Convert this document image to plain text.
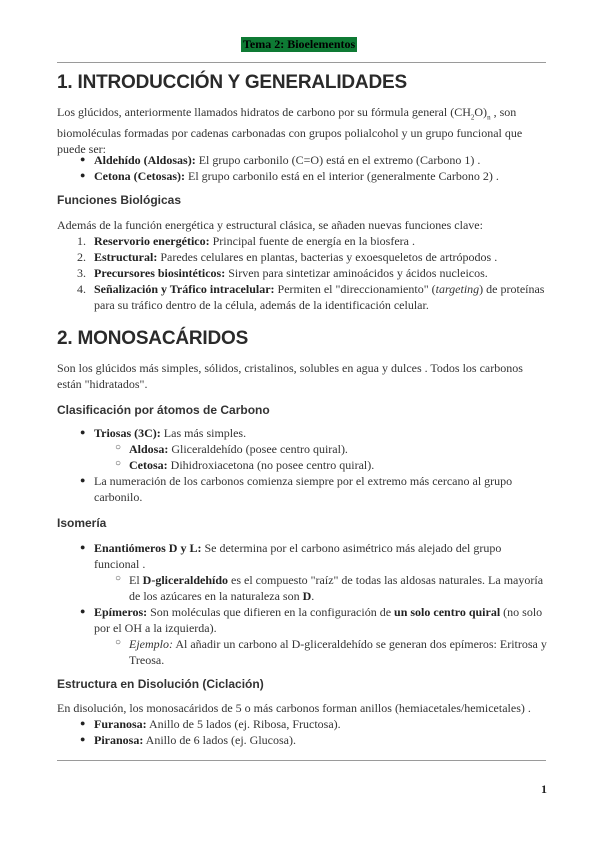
Tema 2: Bioelementos
1. INTRODUCCIÓN Y GENERALIDADES

Los glúcidos, anteriormente llamados hidratos de carbono por su fórmula general $(CH_2O)_n$ , son biomoléculas formadas por cadenas carbonadas con grupos polialcohol y un grupo funcional que puede ser:

● Aldehído (Aldosas): El grupo carbonilo (C=O) está en el extremo (Carbono 1) .

● Cetona (Cetosas): El grupo carbonilo está en el interior (generalmente Carbono 2) .

Funciones Biológicas

Además de la función energética y estructural clásica, se añaden nuevas funciones clave:

1. Reservorio energético: Principal fuente de energía en la biosfera .

2. Estructural: Paredes celulares en plantas, bacterias y exoesqueletos de artrópodos .

3. Precursores biosintéticos: Sirven para sintetizar aminoácidos y ácidos nucleicos.

4. Señalización y Tráfico intracelular: Permiten el "direccionamiento" (targeting) de proteínas para su tráfico dentro de la célula, además de la identificación celular.

2. MONOSACÁRIDOS

Son los glúcidos más simples, sólidos, cristalinos, solubles en agua y dulces . Todos los carbonos están "hidratados".

Clasificación por átomos de Carbono
● Triosas (3C): Las más simples.

○ Aldosa: Gliceraldehído (posee centro quiral).

○ Cetosa: Dihidroxiacetona (no posee centro quiral).

● La numeración de los carbonos comienza siempre por el extremo más cercano al grupo carbonilo.

Isomería
● Enantiómeros D y L: Se determina por el carbono asimétrico más alejado del grupo funcional .

○ El D-gliceraldehído es el compuesto "raíz" de todas las aldosas naturales. La mayoría de los azúcares en la naturaleza son D.

● Epímeros: Son moléculas que difieren en la configuración de un solo centro quiral (no solo por el OH a la izquierda).

○ Ejemplo: Al añadir un carbono al D-gliceraldehído se generan dos epímeros: Eritrosa y Treosa.

Estructura en Disolución (Ciclación)

En disolución, los monosacáridos de 5 o más carbonos forman anillos (hemiacetales/hemicetales) .

● Furanosa: Anillo de 5 lados (ej. Ribosa, Fructosa).

● Piranosa: Anillo de 6 lados (ej. Glucosa).

1
